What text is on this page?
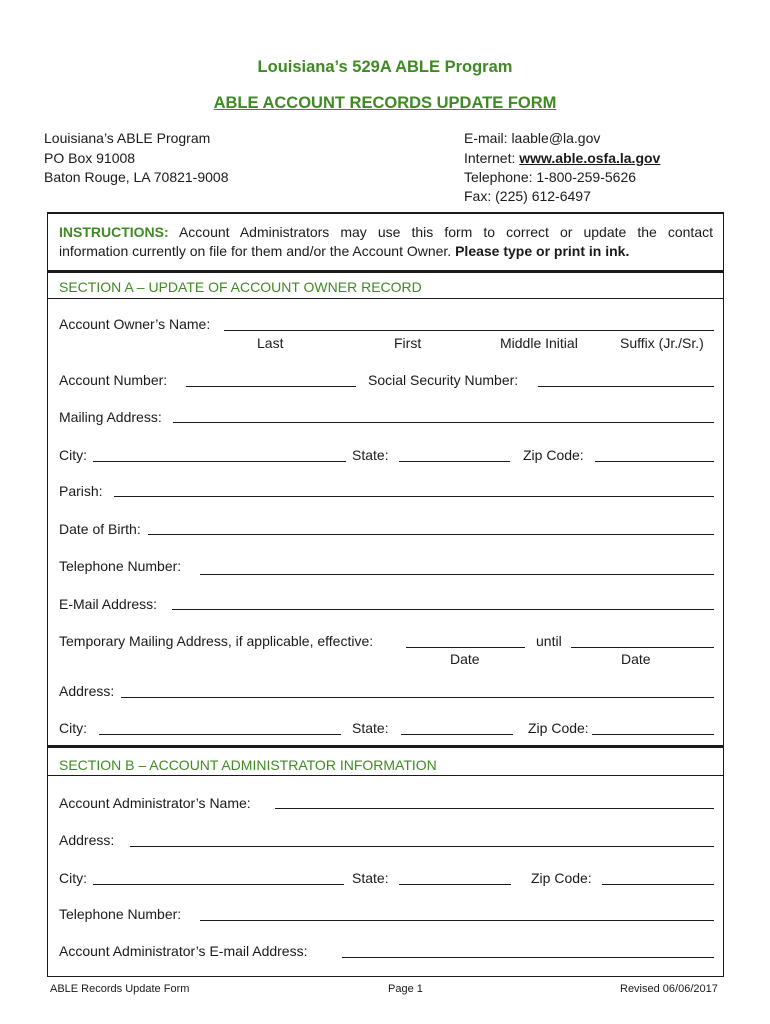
Louisiana’s 529A ABLE Program
ABLE ACCOUNT RECORDS UPDATE FORM
Louisiana’s ABLE Program
PO Box 91008
Baton Rouge, LA 70821-9008
E-mail: laable@la.gov
Internet: www.able.osfa.la.gov
Telephone: 1-800-259-5626
Fax: (225) 612-6497
INSTRUCTIONS: Account Administrators may use this form to correct or update the contact
information currently on file for them and/or the Account Owner. Please type or print in ink.
SECTION A – UPDATE OF ACCOUNT OWNER RECORD
Account Owner’s Name:
Last	First	Middle Initial	Suffix (Jr./Sr.)
Account Number:	Social Security Number:
Mailing Address:
City:	State:	Zip Code:
Parish:
Date of Birth:
Telephone Number:
E-Mail Address:
Temporary Mailing Address, if applicable, effective:	until
Date	Date
Address:
City:	State:	Zip Code:
SECTION B – ACCOUNT ADMINISTRATOR INFORMATION
Account Administrator’s Name:
Address:
City:	State:	Zip Code:
Telephone Number:
Account Administrator’s E-mail Address:
ABLE Records Update Form	Page 1	Revised 06/06/2017
